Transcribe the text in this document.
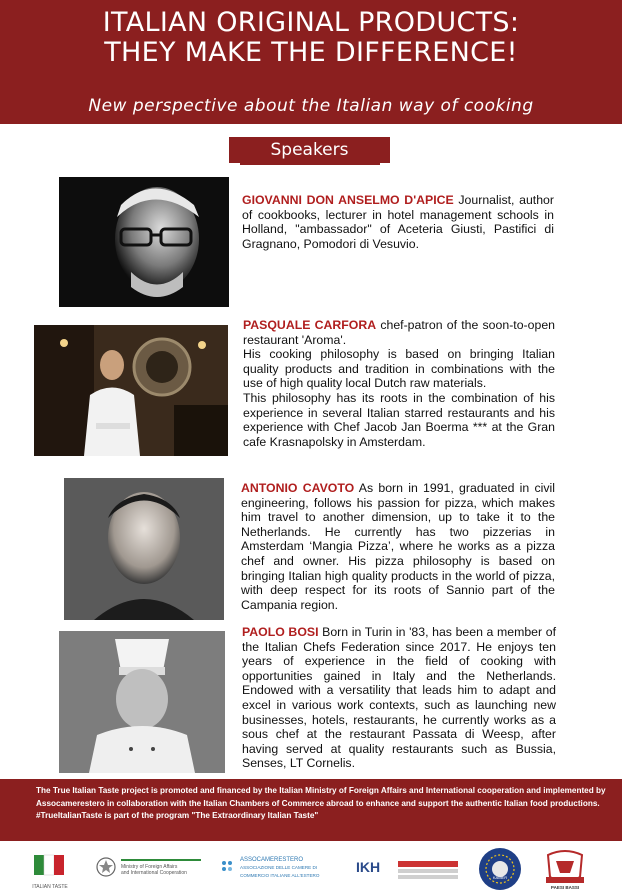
ITALIAN ORIGINAL PRODUCTS:
THEY MAKE THE DIFFERENCE!
New perspective about the Italian way of cooking
Speakers
GIOVANNI DON ANSELMO D'APICE Journalist, author of cookbooks, lecturer in hotel management schools in Holland, "ambassador" of Aceteria Giusti, Pastifici di Gragnano, Pomodori di Vesuvio.
PASQUALE CARFORA chef-patron of the soon-to-open restaurant 'Aroma'.
His cooking philosophy is based on bringing Italian quality products and tradition in combinations with the use of high quality local Dutch raw materials.
This philosophy has its roots in the combination of his experience in several Italian starred restaurants and his experience with Chef Jacob Jan Boerma *** at the Gran cafe Krasnapolsky in Amsterdam.
ANTONIO CAVOTO As born in 1991, graduated in civil engineering, follows his passion for pizza, which makes him travel to another dimension, up to take it to the Netherlands. He currently has two pizzerias in Amsterdam ‘Mangia Pizza’, where he works as a pizza chef and owner. His pizza philosophy is based on bringing Italian high quality products in the world of pizza, with deep respect for its roots of Sannio part of the Campania region.
PAOLO BOSI Born in Turin in '83, has been a member of the Italian Chefs Federation since 2017. He enjoys ten years of experience in the field of cooking with opportunities gained in Italy and the Netherlands. Endowed with a versatility that leads him to adapt and excel in various work contexts, such as launching new businesses, hotels, restaurants, he currently works as a sous chef at the restaurant Passata di Weesp, after having served at quality restaurants such as Bussia, Senses, LT Cornelis.
The True Italian Taste project is promoted and financed by the Italian Ministry of Foreign Affairs and International cooperation and implemented by Assocamerestero in collaboration with the Italian Chambers of Commerce abroad to enhance and support the authentic Italian food productions.
#TrueItalianTaste is part of the program "The Extraordinary Italian Taste"
ITALIAN TASTE
Ministry of Foreign Affairs
and International Cooperation
ASSOCAMERESTERO
ASSOCIAZIONE DELLE CAMERE DI
COMMERCIO ITALIANE ALL'ESTERO
IKH
KAMER
PAESI BASSI
